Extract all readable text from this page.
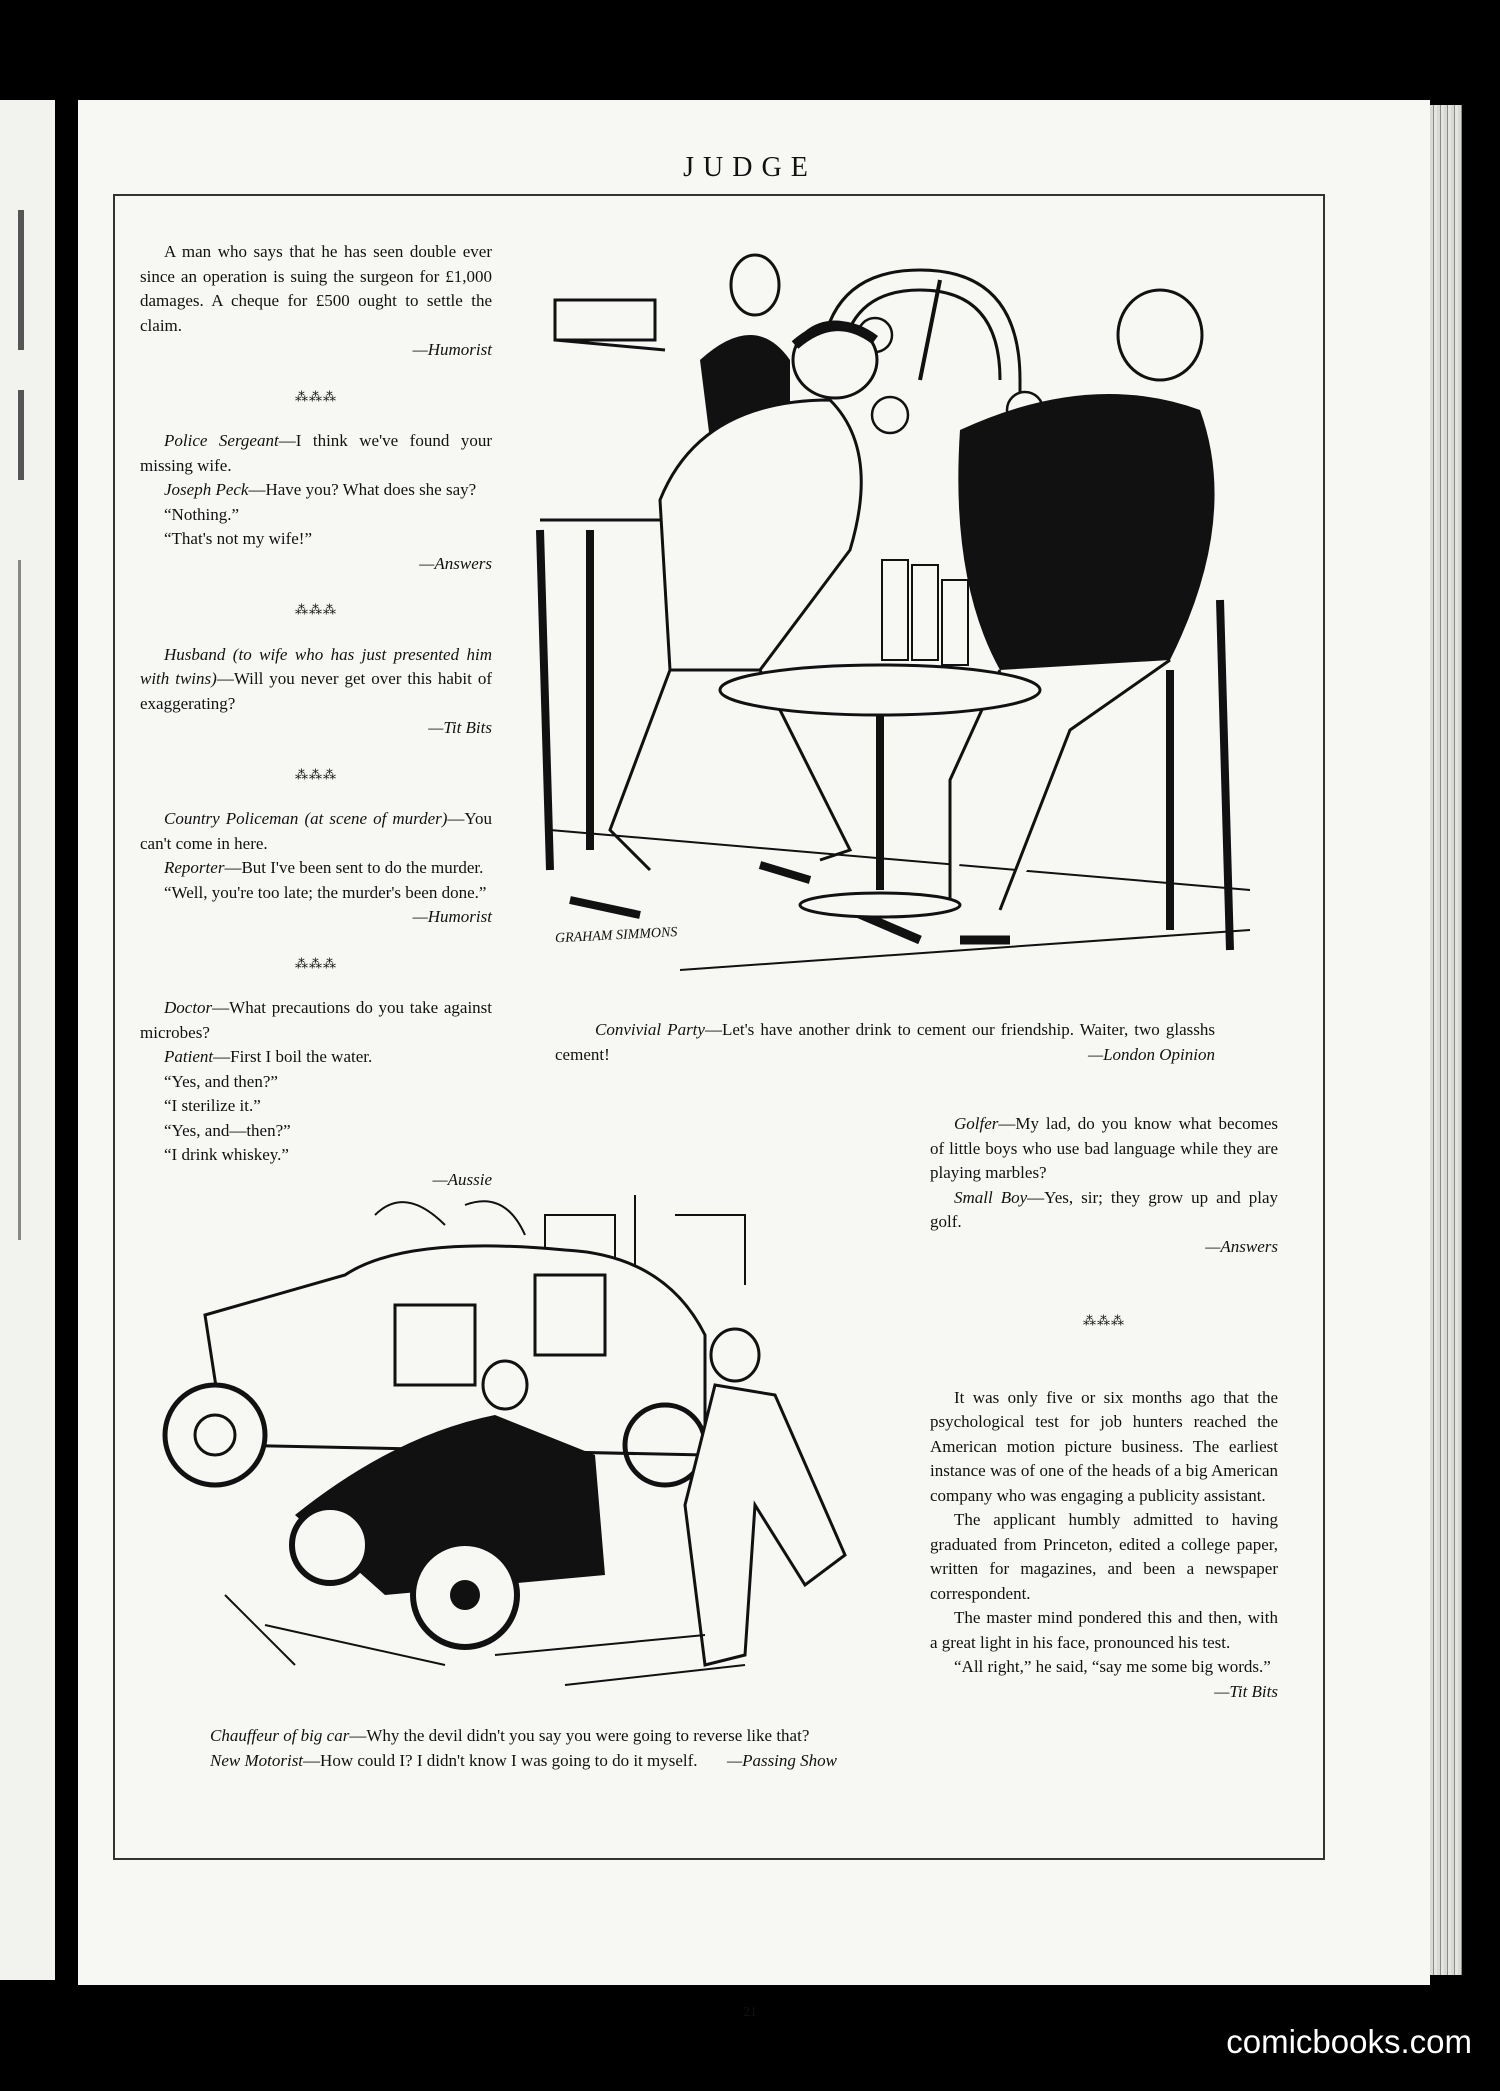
JUDGE

A man who says that he has seen double ever since an operation is suing the surgeon for £1,000 damages. A cheque for £500 ought to settle the claim.

—Humorist

⁂⁂⁂

Police Sergeant—I think we've found your missing wife.

Joseph Peck—Have you? What does she say?

“Nothing.”

“That's not my wife!”

—Answers

⁂⁂⁂

Husband (to wife who has just presented him with twins)—Will you never get over this habit of exaggerating?

—Tit Bits

⁂⁂⁂

Country Policeman (at scene of murder)—You can't come in here.

Reporter—But I've been sent to do the murder.

“Well, you're too late; the murder's been done.”

—Humorist

⁂⁂⁂

Doctor—What precautions do you take against microbes?

Patient—First I boil the water.

“Yes, and then?”

“I sterilize it.”

“Yes, and—then?”

“I drink whiskey.”

—Aussie

GRAHAM SIMMONS
Convivial Party—Let's have another drink to cement our friendship. Waiter, two glasshs cement!	—London Opinion

Golfer—My lad, do you know what becomes of little boys who use bad language while they are playing marbles?

Small Boy—Yes, sir; they grow up and play golf.

—Answers

⁂⁂⁂

It was only five or six months ago that the psychological test for job hunters reached the American motion picture business. The earliest instance was of one of the heads of a big American company who was engaging a publicity assistant.

The applicant humbly admitted to having graduated from Princeton, edited a college paper, written for magazines, and been a newspaper correspondent.

The master mind pondered this and then, with a great light in his face, pronounced his test.

“All right,” he said, “say me some big words.”

—Tit Bits

Chauffeur of big car—Why the devil didn't you say you were going to reverse like that?
New Motorist—How could I? I didn't know I was going to do it myself.	—Passing Show
21
comicbooks.com
